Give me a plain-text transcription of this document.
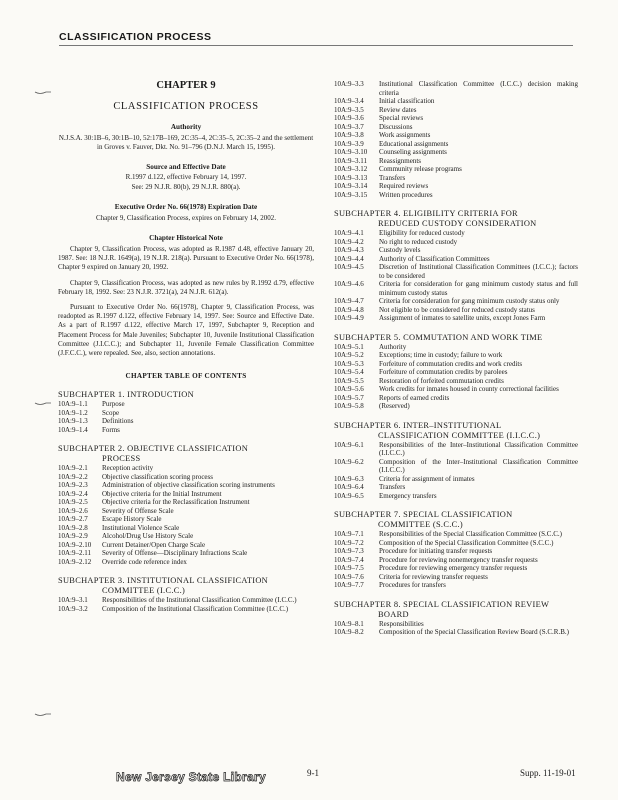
CLASSIFICATION PROCESS
CHAPTER 9
CLASSIFICATION PROCESS
Authority
N.J.S.A. 30:1B–6, 30:1B–10, 52:17B–169, 2C:35–4, 2C:35–5, 2C:35–2 and the settlement in Groves v. Fauver, Dkt. No. 91–796 (D.N.J. March 15, 1995).
Source and Effective Date
R.1997 d.122, effective February 14, 1997.
See: 29 N.J.R. 80(b), 29 N.J.R. 880(a).
Executive Order No. 66(1978) Expiration Date
Chapter 9, Classification Process, expires on February 14, 2002.
Chapter Historical Note
Chapter 9, Classification Process, was adopted as R.1987 d.48, effective January 20, 1987. See: 18 N.J.R. 1649(a), 19 N.J.R. 218(a). Pursuant to Executive Order No. 66(1978), Chapter 9 expired on January 20, 1992.
Chapter 9, Classification Process, was adopted as new rules by R.1992 d.79, effective February 18, 1992. See: 23 N.J.R. 3721(a), 24 N.J.R. 612(a).
Pursuant to Executive Order No. 66(1978), Chapter 9, Classification Process, was readopted as R.1997 d.122, effective February 14, 1997. See: Source and Effective Date. As a part of R.1997 d.122, effective March 17, 1997, Subchapter 9, Reception and Placement Process for Male Juveniles; Subchapter 10, Juvenile Institutional Classification Committee (J.I.C.C.); and Subchapter 11, Juvenile Female Classification Committee (J.F.C.C.), were repealed. See, also, section annotations.
CHAPTER TABLE OF CONTENTS
SUBCHAPTER 1. INTRODUCTION
10A:9–1.1	Purpose
10A:9–1.2	Scope
10A:9–1.3	Definitions
10A:9–1.4	Forms
SUBCHAPTER 2. OBJECTIVE CLASSIFICATION
PROCESS
10A:9–2.1	Reception activity
10A:9–2.2	Objective classification scoring process
10A:9–2.3	Administration of objective classification scoring instruments
10A:9–2.4	Objective criteria for the Initial Instrument
10A:9–2.5	Objective criteria for the Reclassification Instrument
10A:9–2.6	Severity of Offense Scale
10A:9–2.7	Escape History Scale
10A:9–2.8	Institutional Violence Scale
10A:9–2.9	Alcohol/Drug Use History Scale
10A:9–2.10	Current Detainer/Open Charge Scale
10A:9–2.11	Severity of Offense—Disciplinary Infractions Scale
10A:9–2.12	Override code reference index
SUBCHAPTER 3. INSTITUTIONAL CLASSIFICATION
COMMITTEE (I.C.C.)
10A:9–3.1	Responsibilities of the Institutional Classification Committee (I.C.C.)
10A:9–3.2	Composition of the Institutional Classification Committee (I.C.C.)
10A:9–3.3	Institutional Classification Committee (I.C.C.) decision making criteria
10A:9–3.4	Initial classification
10A:9–3.5	Review dates
10A:9–3.6	Special reviews
10A:9–3.7	Discussions
10A:9–3.8	Work assignments
10A:9–3.9	Educational assignments
10A:9–3.10	Counseling assignments
10A:9–3.11	Reassignments
10A:9–3.12	Community release programs
10A:9–3.13	Transfers
10A:9–3.14	Required reviews
10A:9–3.15	Written procedures
SUBCHAPTER 4. ELIGIBILITY CRITERIA FOR
REDUCED CUSTODY CONSIDERATION
10A:9–4.1	Eligibility for reduced custody
10A:9–4.2	No right to reduced custody
10A:9–4.3	Custody levels
10A:9–4.4	Authority of Classification Committees
10A:9–4.5	Discretion of Institutional Classification Committees (I.C.C.); factors to be considered
10A:9–4.6	Criteria for consideration for gang minimum custody status and full minimum custody status
10A:9–4.7	Criteria for consideration for gang minimum custody status only
10A:9–4.8	Not eligible to be considered for reduced custody status
10A:9–4.9	Assignment of inmates to satellite units, except Jones Farm
SUBCHAPTER 5. COMMUTATION AND WORK TIME
10A:9–5.1	Authority
10A:9–5.2	Exceptions; time in custody; failure to work
10A:9–5.3	Forfeiture of commutation credits and work credits
10A:9–5.4	Forfeiture of commutation credits by parolees
10A:9–5.5	Restoration of forfeited commutation credits
10A:9–5.6	Work credits for inmates housed in county correctional facilities
10A:9–5.7	Reports of earned credits
10A:9–5.8	(Reserved)
SUBCHAPTER 6. INTER–INSTITUTIONAL
CLASSIFICATION COMMITTEE (I.I.C.C.)
10A:9–6.1	Responsibilities of the Inter–Institutional Classification Committee (I.I.C.C.)
10A:9–6.2	Composition of the Inter–Institutional Classification Committee (I.I.C.C.)
10A:9–6.3	Criteria for assignment of inmates
10A:9–6.4	Transfers
10A:9–6.5	Emergency transfers
SUBCHAPTER 7. SPECIAL CLASSIFICATION
COMMITTEE (S.C.C.)
10A:9–7.1	Responsibilities of the Special Classification Committee (S.C.C.)
10A:9–7.2	Composition of the Special Classification Committee (S.C.C.)
10A:9–7.3	Procedure for initiating transfer requests
10A:9–7.4	Procedure for reviewing nonemergency transfer requests
10A:9–7.5	Procedure for reviewing emergency transfer requests
10A:9–7.6	Criteria for reviewing transfer requests
10A:9–7.7	Procedures for transfers
SUBCHAPTER 8. SPECIAL CLASSIFICATION REVIEW
BOARD
10A:9–8.1	Responsibilities
10A:9–8.2	Composition of the Special Classification Review Board (S.C.R.B.)
New Jersey State Library	9-1	Supp. 11-19-01
